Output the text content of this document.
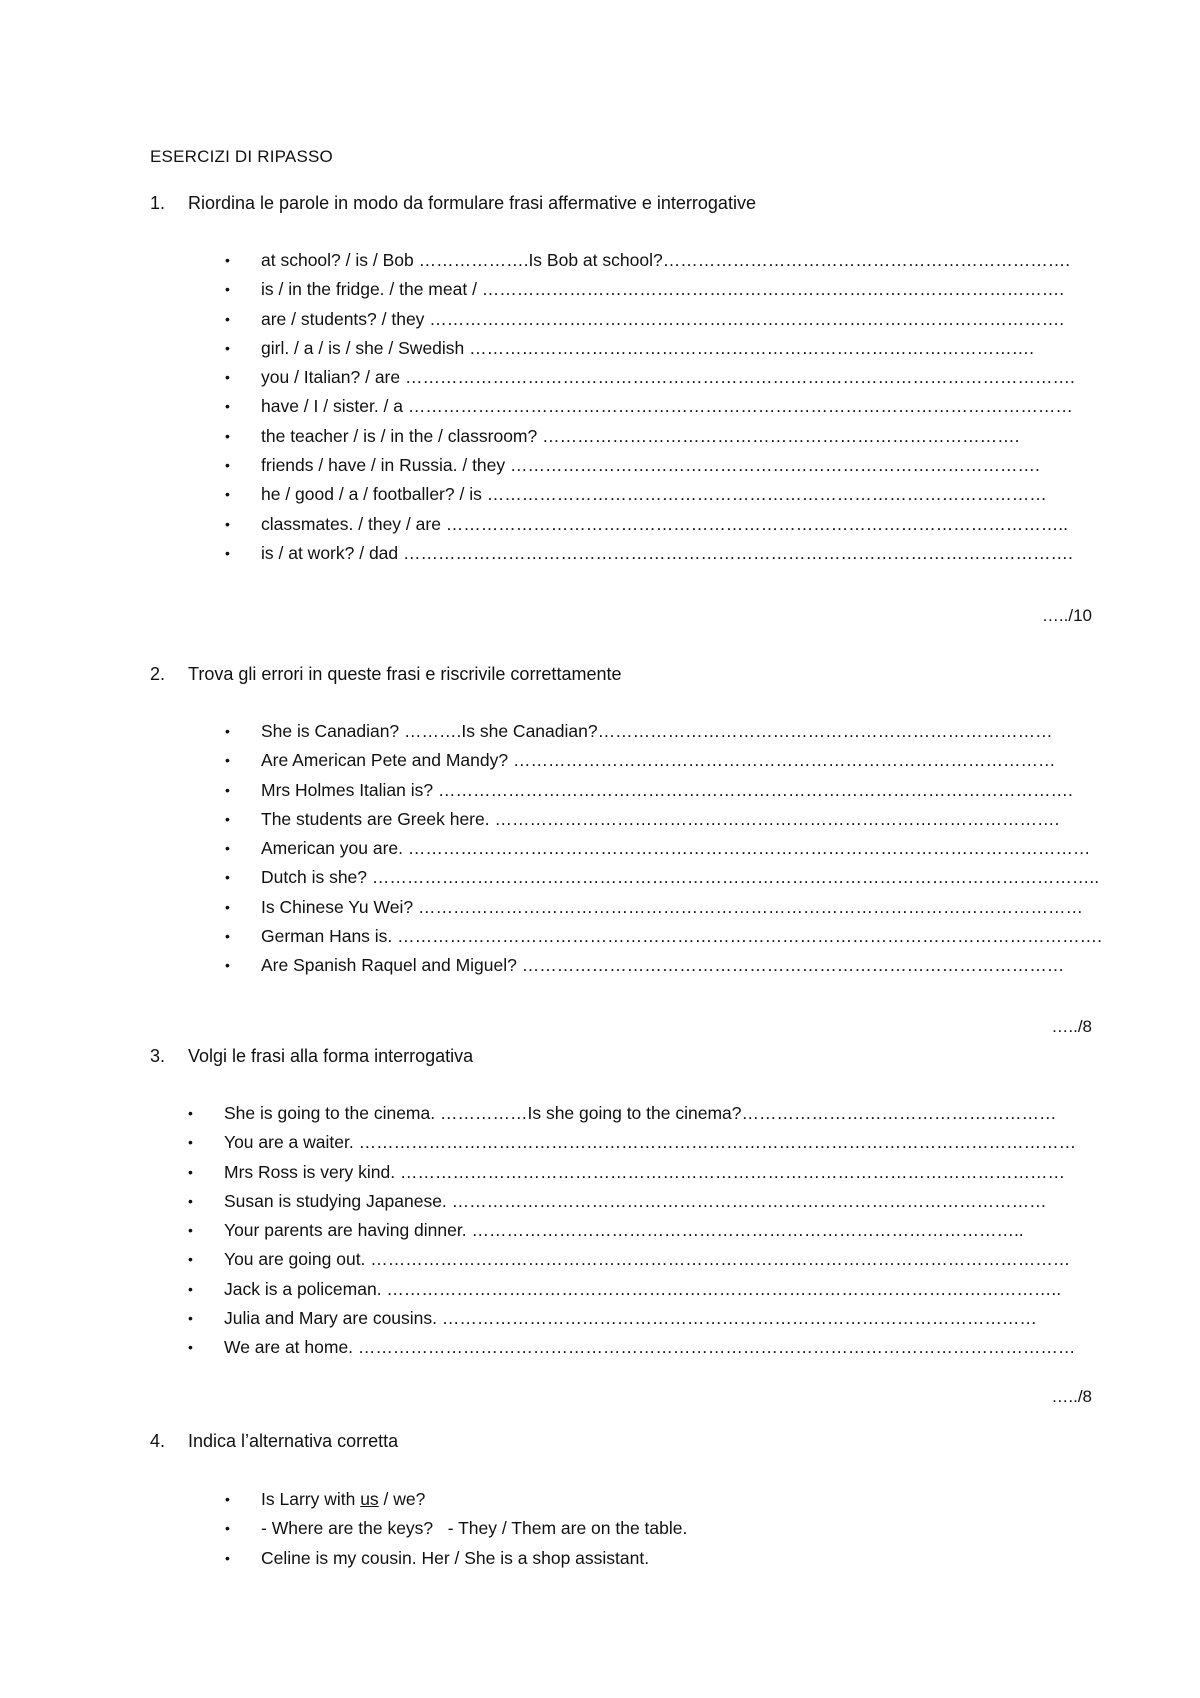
ESERCIZI DI RIPASSO
1. Riordina le parole in modo da formulare frasi affermative e interrogative
• at school? / is / Bob ……………….Is Bob at school?…………………………………………………………….
• is / in the fridge. / the meat / ……………………………………………………………………………………….
• are / students? / they ……………………………………………………………………………………………….
• girl. / a / is / she / Swedish …………………………………………………………………………………….
• you / Italian? / are …………………………………………………………………………………………………….
• have / I / sister. / a ……………………………………………………………………………………………………
• the teacher / is / in the / classroom? ……………………………………………………………………….
• friends / have / in Russia. / they ……………………………………………………………………………….
• he / good / a / footballer? / is ……………………………………………………………………………………
• classmates. / they / are ……………………………………………………………………………………………..
• is / at work? / dad …………………………………………………………………………………………………….
…../10
2. Trova gli errori in queste frasi e riscrivile correttamente
• She is Canadian? ……….Is she Canadian?……………………………………………………………………
• Are American Pete and Mandy? …………………………………………………………………………………
• Mrs Holmes Italian is? ……………………………………………………………………………………………….
• The students are Greek here. …………………………………………………………………………………….
• American you are. ………………………………………………………………………………………………………
• Dutch is she? ……………………………………………………………………………………………………………..
• Is Chinese Yu Wei? ……………………………………………………………………………………………………
• German Hans is. ………………………………………………………………………………………………………….
• Are Spanish Raquel and Miguel? …………………………………………………………………………………
…../8
3. Volgi le frasi alla forma interrogativa
• She is going to the cinema. ……………Is she going to the cinema?………………………………………………
• You are a waiter. ……………………………………………………………………………………………………………
• Mrs Ross is very kind. ……………………………………………………………………………………………………
• Susan is studying Japanese. …………………………………………………………………………………………
• Your parents are having dinner. …………………………………………………………………………………..
• You are going out. …………………………………………………………………………………………………………
• Jack is a policeman. ……………………………………………………………………………………………………..
• Julia and Mary are cousins. …………………………………………………………………………………………
• We are at home. ……………………………………………………………………………………………………………
…../8
4. Indica l’alternativa corretta
• Is Larry with us / we?
• - Where are the keys?   - They / Them are on the table.
• Celine is my cousin. Her / She is a shop assistant.
